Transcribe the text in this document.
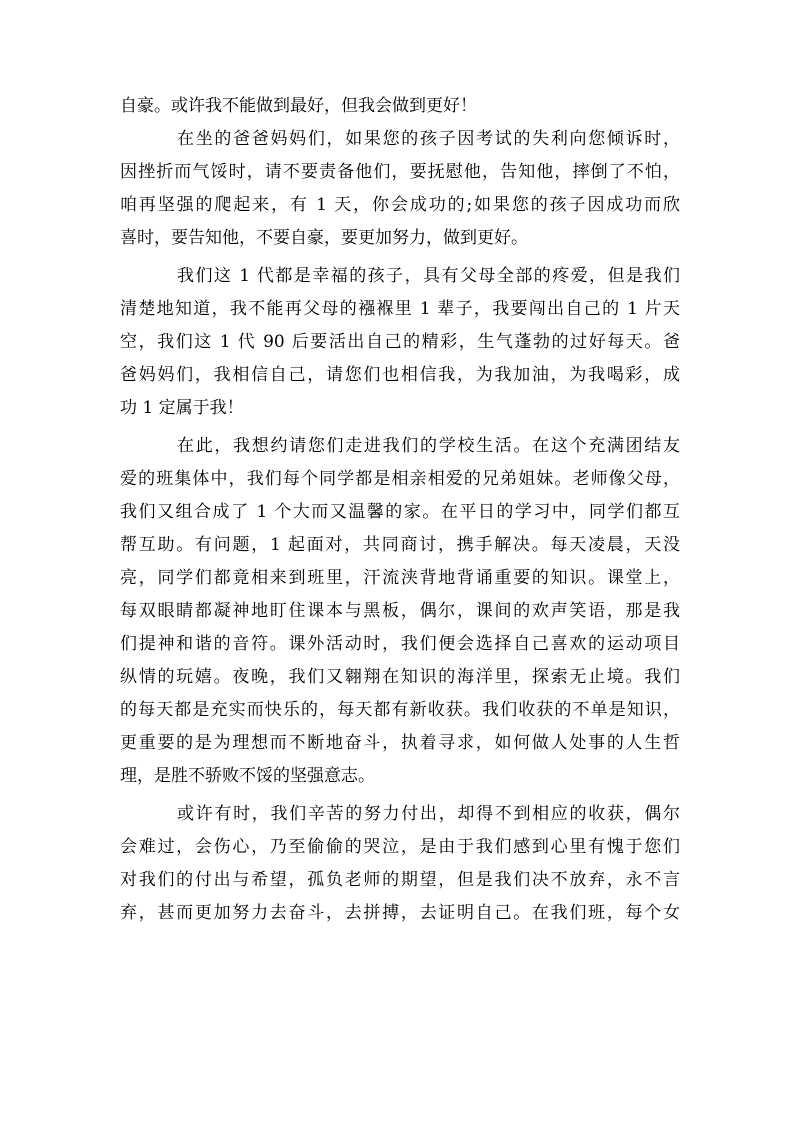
自豪。或许我不能做到最好，但我会做到更好！
在坐的爸爸妈妈们，如果您的孩子因考试的失利向您倾诉时，
因挫折而气馁时，请不要责备他们，要抚慰他，告知他，摔倒了不怕，
咱再坚强的爬起来，有 1 天，你会成功的;如果您的孩子因成功而欣
喜时，要告知他，不要自豪，要更加努力，做到更好。
我们这 1 代都是幸福的孩子，具有父母全部的疼爱，但是我们
清楚地知道，我不能再父母的襁褓里 1 辈子，我要闯出自己的 1 片天
空，我们这 1 代 90 后要活出自己的精彩，生气蓬勃的过好每天。爸
爸妈妈们，我相信自己，请您们也相信我，为我加油，为我喝彩，成
功 1 定属于我！
在此，我想约请您们走进我们的学校生活。在这个充满团结友
爱的班集体中，我们每个同学都是相亲相爱的兄弟姐妹。老师像父母，
我们又组合成了 1 个大而又温馨的家。在平日的学习中，同学们都互
帮互助。有问题，1 起面对，共同商讨，携手解决。每天凌晨，天没
亮，同学们都竟相来到班里，汗流浃背地背诵重要的知识。课堂上，
每双眼睛都凝神地盯住课本与黑板，偶尔，课间的欢声笑语，那是我
们提神和谐的音符。课外活动时，我们便会选择自己喜欢的运动项目
纵情的玩嬉。夜晚，我们又翱翔在知识的海洋里，探索无止境。我们
的每天都是充实而快乐的，每天都有新收获。我们收获的不单是知识，
更重要的是为理想而不断地奋斗，执着寻求，如何做人处事的人生哲
理，是胜不骄败不馁的坚强意志。
或许有时，我们辛苦的努力付出，却得不到相应的收获，偶尔
会难过，会伤心，乃至偷偷的哭泣，是由于我们感到心里有愧于您们
对我们的付出与希望，孤负老师的期望，但是我们决不放弃，永不言
弃，甚而更加努力去奋斗，去拼搏，去证明自己。在我们班，每个女
